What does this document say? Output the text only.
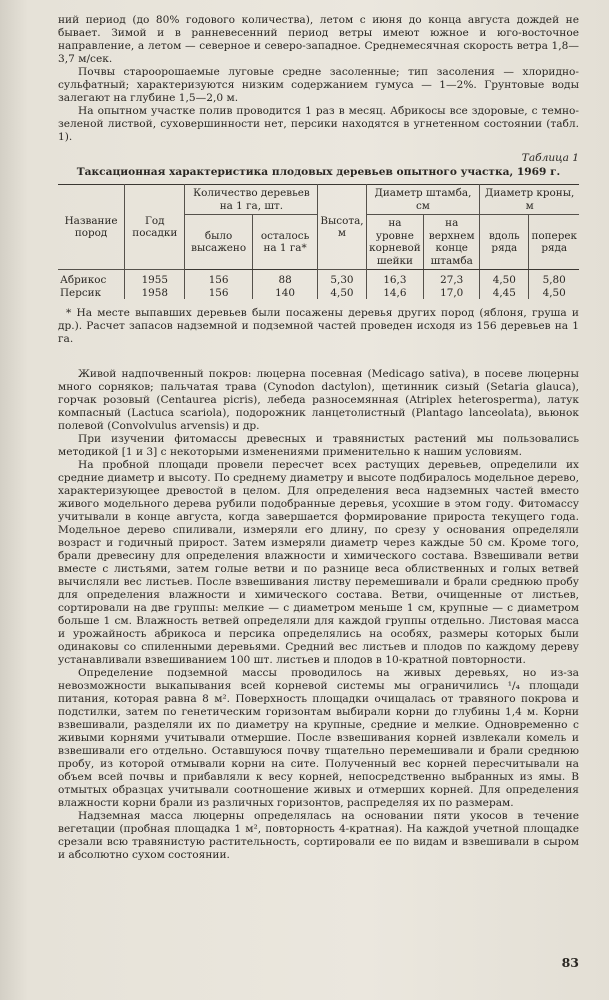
ний период (до 80% годового количества), летом с июня до конца августа дождей не бывает. Зимой и в ранневесенний период ветры имеют южное и юго-восточное направление, а летом — северное и северо-западное. Среднемесячная скорость ветра 1,8—3,7 м/сек.

Почвы староорошаемые луговые средне засоленные; тип засоления — хлоридно-сульфатный; характеризуются низким содержанием гумуса — 1—2%. Грунтовые воды залегают на глубине 1,5—2,0 м.

На опытном участке полив проводится 1 раз в месяц. Абрикосы все здоровые, с темно-зеленой листвой, суховершинности нет, персики находятся в угнетенном состоянии (табл. 1).

Таблица 1
Таксационная характеристика плодовых деревьев опытного участка, 1969 г.
Название пород	Год посадки	Количество деревьев на 1 га, шт.		Высота, м	Диаметр штамба, см		Диаметр кроны, м	
		было высажено	осталось на 1 га*		на уровне корневой шейки	на верхнем конце штамба	вдоль ряда	поперек ряда
Абрикос	1955	156	88	5,30	16,3	27,3	4,50	5,80
Персик	1958	156	140	4,50	14,6	17,0	4,45	4,50
* На месте выпавших деревьев были посажены деревья других пород (яблоня, груша и др.). Расчет запасов надземной и подземной частей проведен исходя из 156 деревьев на 1 га.

Живой надпочвенный покров: люцерна посевная (Medicago sativa), в посеве люцерны много сорняков; пальчатая трава (Cynodon dactylon), щетинник сизый (Setaria glauca), горчак розовый (Centaurea picris), лебеда разносемянная (Atriplex heterosperma), латук компасный (Lactuca scariola), подорожник ланцетолистный (Plantago lanceolata), вьюнок полевой (Convolvulus arvensis) и др.

При изучении фитомассы древесных и травянистых растений мы пользовались методикой [1 и 3] с некоторыми изменениями применительно к нашим условиям.

На пробной площади провели пересчет всех растущих деревьев, определили их средние диаметр и высоту. По среднему диаметру и высоте подбиралось модельное дерево, характеризующее древостой в целом. Для определения веса надземных частей вместо живого модельного дерева рубили подобранные деревья, усохшие в этом году. Фитомассу учитывали в конце августа, когда завершается формирование прироста текущего года. Модельное дерево спиливали, измеряли его длину, по срезу у основания определяли возраст и годичный прирост. Затем измеряли диаметр через каждые 50 см. Кроме того, брали древесину для определения влажности и химического состава. Взвешивали ветви вместе с листьями, затем голые ветви и по разнице веса облиственных и голых ветвей вычисляли вес листьев. После взвешивания листву перемешивали и брали среднюю пробу для определения влажности и химического состава. Ветви, очищенные от листьев, сортировали на две группы: мелкие — с диаметром меньше 1 см, крупные — с диаметром больше 1 см. Влажность ветвей определяли для каждой группы отдельно. Листовая масса и урожайность абрикоса и персика определялись на особях, размеры которых были одинаковы со спиленными деревьями. Средний вес листьев и плодов по каждому дереву устанавливали взвешиванием 100 шт. листьев и плодов в 10-кратной повторности.

Определение подземной массы проводилось на живых деревьях, но из-за невозможности выкапывания всей корневой системы мы ограничились ¹/₄ площади питания, которая равна 8 м². Поверхность площадки очищалась от травяного покрова и подстилки, затем по генетическим горизонтам выбирали корни до глубины 1,4 м. Корни взвешивали, разделяли их по диаметру на крупные, средние и мелкие. Одновременно с живыми корнями учитывали отмершие. После взвешивания корней извлекали комель и взвешивали его отдельно. Оставшуюся почву тщательно перемешивали и брали среднюю пробу, из которой отмывали корни на сите. Полученный вес корней пересчитывали на объем всей почвы и прибавляли к весу корней, непосредственно выбранных из ямы. В отмытых образцах учитывали соотношение живых и отмерших корней. Для определения влажности корни брали из различных горизонтов, распределяя их по размерам.

Надземная масса люцерны определялась на основании пяти укосов в течение вегетации (пробная площадка 1 м², повторность 4-кратная). На каждой учетной площадке срезали всю травянистую растительность, сортировали ее по видам и взвешивали в сыром и абсолютно сухом состоянии.

83
